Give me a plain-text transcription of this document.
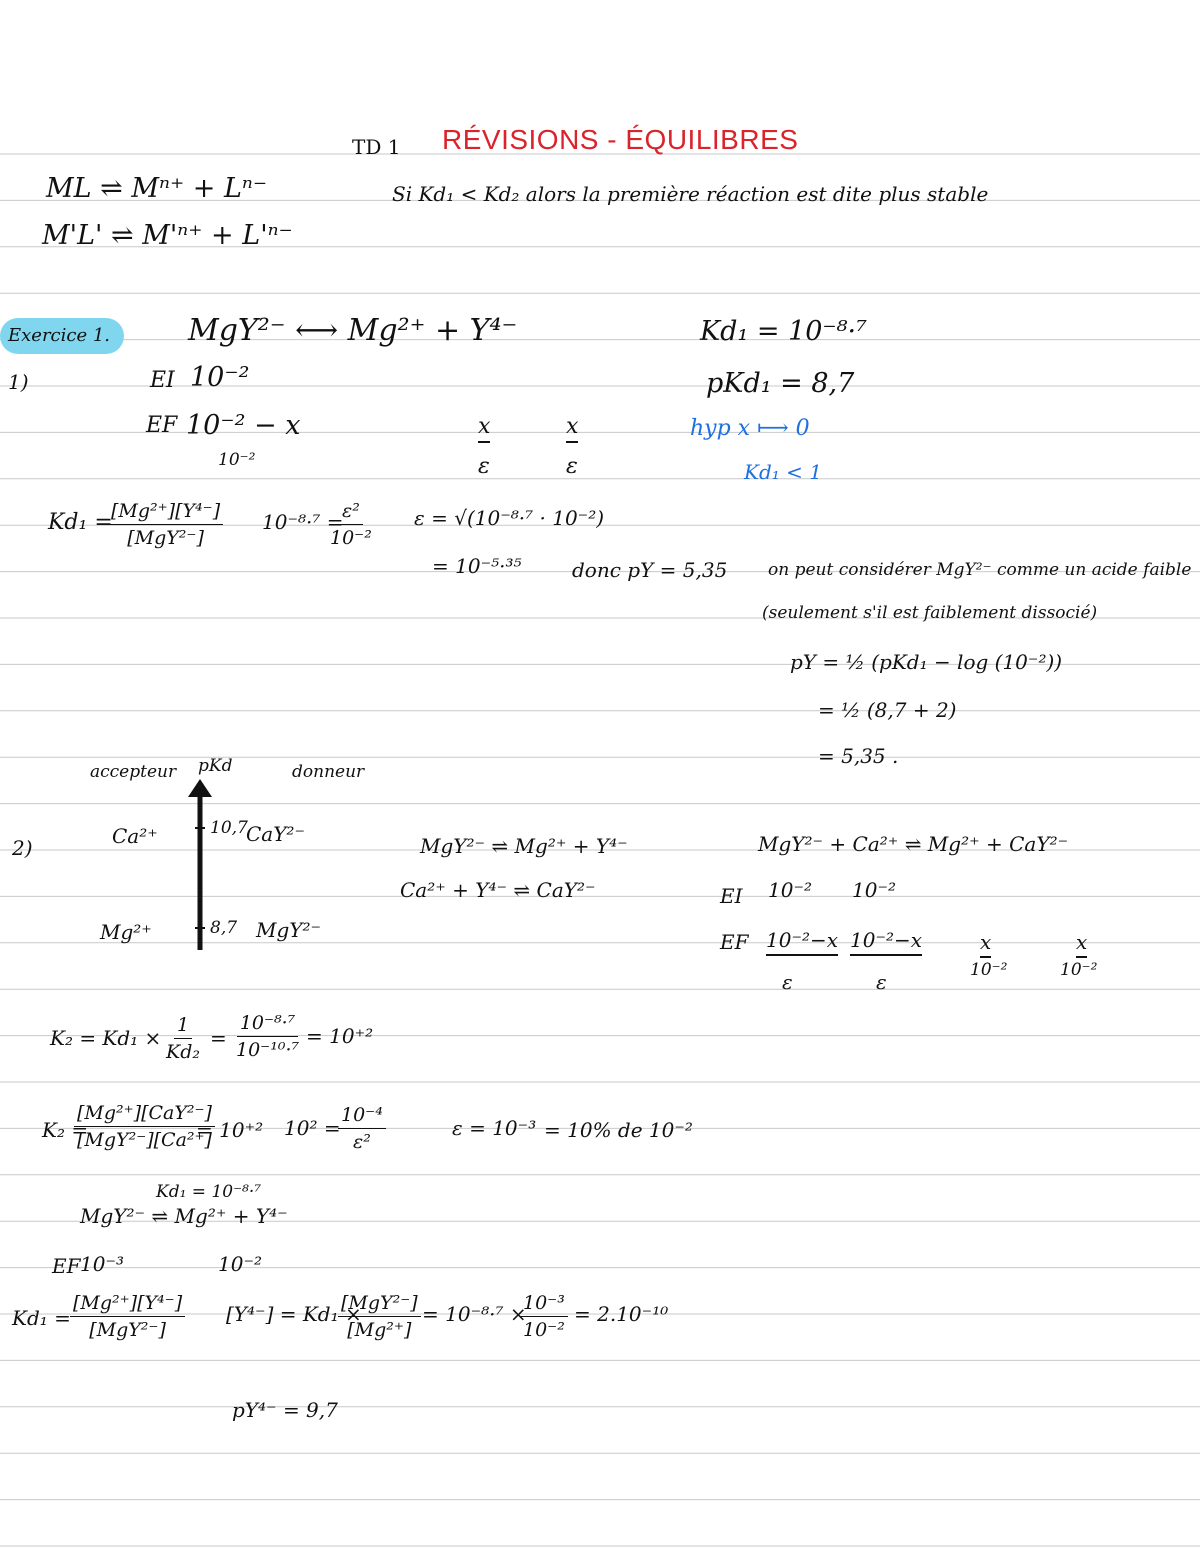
TD 1 RÉVISIONS - ÉQUILIBRES
ML ⇌ Mⁿ⁺ + Lⁿ⁻
M'L' ⇌ M'ⁿ⁺ + L'ⁿ⁻
Si Kd₁ < Kd₂ alors la première réaction est dite plus stable
Exercice 1.
1)
MgY²⁻ ⟷ Mg²⁺ + Y⁴⁻	Kd₁ = 10⁻⁸·⁷
EI 10⁻²	pKd₁ = 8,7
EF 10⁻² − x
10⁻²
x
ε
x
ε
hyp x ⟼ 0
Kd₁ < 1
Kd₁ =
[Mg²⁺][Y⁴⁻]
[MgY²⁻]
10⁻⁸·⁷ =
$\frac{\text{ε²}}{\text{10⁻²}}$ ε = √(10⁻⁸·⁷ · 10⁻²)
= 10⁻⁵·³⁵	donc pY = 5,35 on peut considérer MgY²⁻ comme un acide faible
(seulement s'il est faiblement dissocié)
pY = ½ (pKd₁ − log (10⁻²))
= ½ (8,7 + 2)
= 5,35 .
accepteur pKd	donneur
2)	Ca²⁺	10,7
CaY²⁻
Mg²⁺	8,7 MgY²⁻
MgY²⁻ ⇌ Mg²⁺ + Y⁴⁻
Ca²⁺ + Y⁴⁻ ⇌ CaY²⁻
MgY²⁻ + Ca²⁺ ⇌ Mg²⁺ + CaY²⁻
EI 10⁻² 10⁻²
EF 10⁻²−x
ε
10⁻²−x
ε
x
10⁻²
x
10⁻²
$K_2 = Kd_1 \times \frac{1}{\text{Kd₂}} = \frac{\text{10⁻⁸·⁷}}{\text{10⁻¹⁰·⁷}} = 10^{+2}$
K₂ =
[Mg²⁺][CaY²⁻]
[MgY²⁻][Ca²⁺]
= 10⁺² 10² =
$\frac{\text{10⁻⁴}}{\text{ε²}}$	ε = 10⁻³ = 10% de 10⁻²
Kd₁ = 10⁻⁸·⁷
MgY²⁻ ⇌ Mg²⁺ + Y⁴⁻
EF 10⁻³	10⁻²
Kd₁ =
[Mg²⁺][Y⁴⁻]
[MgY²⁻]
[Y⁴⁻] = Kd₁ ×
[MgY²⁻]
[Mg²⁺]
= 10⁻⁸·⁷ ×
$\frac{\text{10⁻³}}{\text{10⁻²}} = 2.10^{-10}$
pY⁴⁻ = 9,7
